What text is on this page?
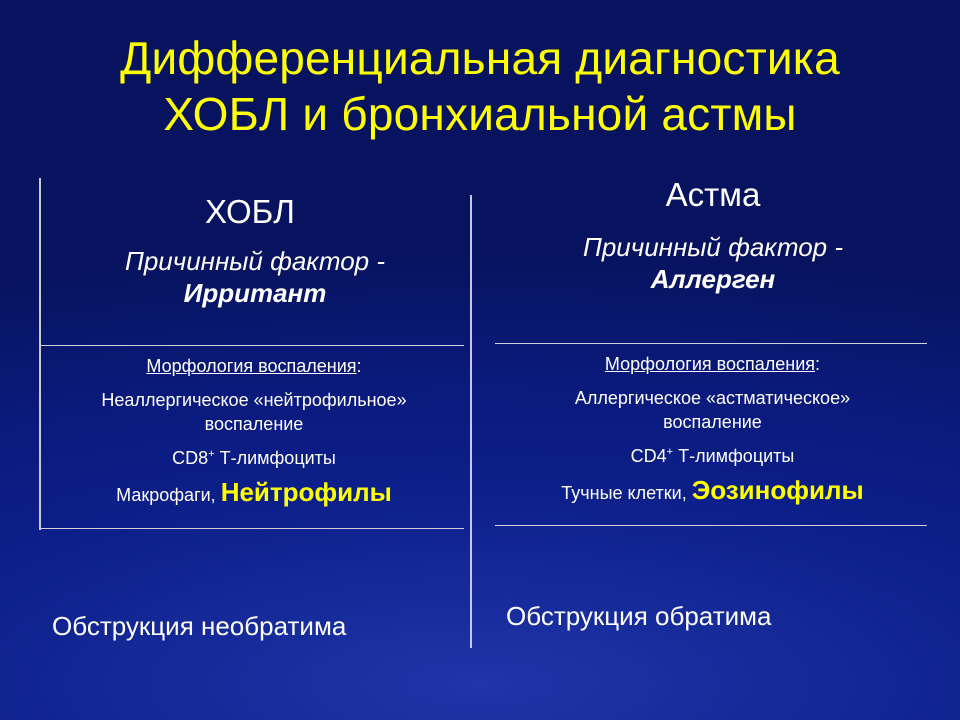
Дифференциальная диагностика
ХОБЛ и бронхиальной астмы
ХОБЛ
Причинный фактор -
Ирритант

Морфология воспаления:

Неаллергическое «нейтрофильное»

воспаление

CD8+ Т-лимфоциты

Макрофаги, Нейтрофилы

Обструкция необратима
Астма
Причинный фактор -
Аллерген

Морфология воспаления:

Аллергическое «астматическое»

воспаление

CD4+ Т-лимфоциты

Тучные клетки, Эозинофилы

Обструкция обратима
